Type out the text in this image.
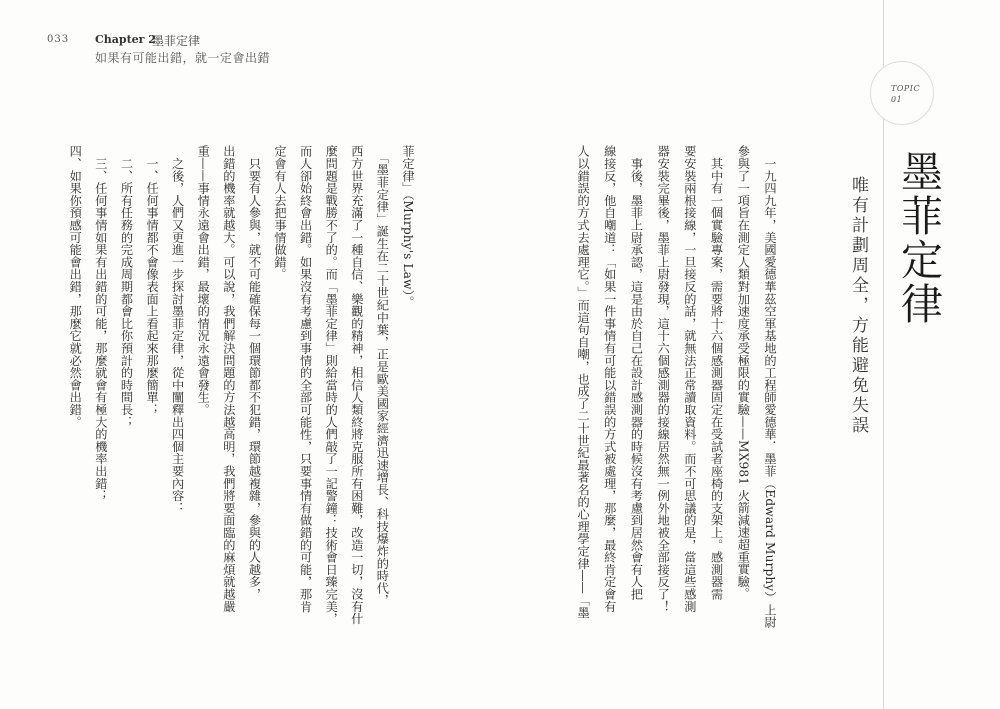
033 Chapter 2
墨菲定律
如果有可能出錯，就一定會出錯
TOPIC
01
墨菲定律
唯有計劃周全，方能避免失誤
　一九四九年，美國愛德華茲空軍基地的工程師愛德華．墨菲（Edward Murphy）上尉
參與了一項旨在測定人類對加速度承受極限的實驗——MX981 火箭減速超重實驗。
　其中有一個實驗專案，需要將十六個感測器固定在受試者座椅的支架上。感測器需
要安裝兩根接線，一旦接反的話，就無法正常讀取資料。而不可思議的是，當這些感測
器安裝完畢後，墨菲上尉發現，這十六個感測器的接線居然無一例外地被全部接反了！
　事後，墨菲上尉承認，這是由於自己在設計感測器的時候沒有考慮到居然會有人把
線接反，他自嘲道：「如果一件事情有可能以錯誤的方式被處理，那麼，最終肯定會有
人以錯誤的方式去處理它。」而這句自嘲，也成了二十世紀最著名的心理學定律——「墨
菲定律」（Murphy's Law）。
　「墨菲定律」誕生在二十世紀中葉，正是歐美國家經濟迅速增長、科技爆炸的時代，
西方世界充滿了一種自信、樂觀的精神，相信人類終將克服所有困難，改造一切，沒有什
麼問題是戰勝不了的。而「墨菲定律」則給當時的人們敲了一記警鐘：技術會日臻完美，
而人卻始終會出錯。如果沒有考慮到事情的全部可能性，只要事情有做錯的可能，那肯
定會有人去把事情做錯。
　只要有人參與，就不可能確保每一個環節都不犯錯，環節越複雜，參與的人越多，
出錯的機率就越大。可以說，我們解決問題的方法越高明，我們將要面臨的麻煩就越嚴
重——事情永遠會出錯，最壞的情況永遠會發生。
　之後，人們又更進一步探討墨菲定律，從中闡釋出四個主要內容：
　一、任何事情都不會像表面上看起來那麼簡單；
　二、所有任務的完成周期都會比你預計的時間長；
　三、任何事情如果有出錯的可能，那麼就會有極大的機率出錯；
四、如果你預感可能會出錯，那麼它就必然會出錯。
